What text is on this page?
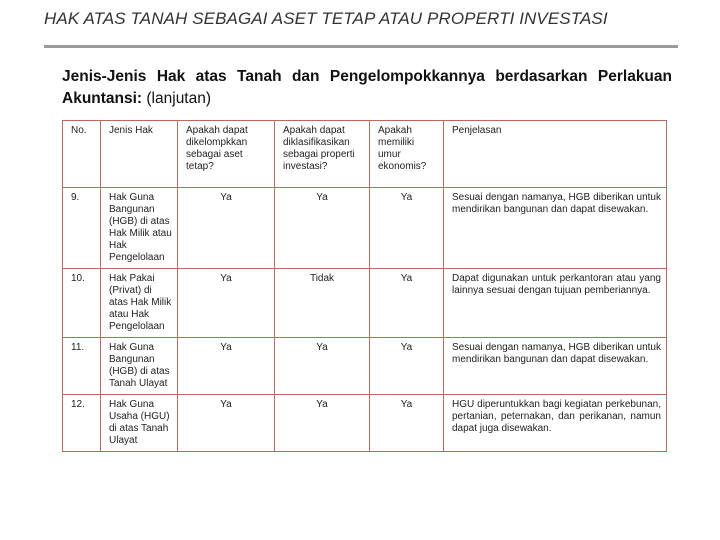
HAK ATAS TANAH SEBAGAI ASET TETAP ATAU PROPERTI INVESTASI
Jenis-Jenis Hak atas Tanah dan Pengelompokkannya berdasarkan Perlakuan Akuntansi: (lanjutan)
No.	Jenis Hak	Apakah dapat dikelompkkan sebagai aset tetap?	Apakah dapat diklasifikasikan sebagai properti investasi?	Apakah memiliki umur ekonomis?	Penjelasan
9.	Hak Guna Bangunan (HGB) di atas Hak Milik atau Hak Pengelolaan	Ya	Ya	Ya	Sesuai dengan namanya, HGB diberikan untuk mendirikan bangunan dan dapat disewakan.
10.	Hak Pakai (Privat) di atas Hak Milik atau Hak Pengelolaan	Ya	Tidak	Ya	Dapat digunakan untuk perkantoran atau yang lainnya sesuai dengan tujuan pemberiannya.
11.	Hak Guna Bangunan (HGB) di atas Tanah Ulayat	Ya	Ya	Ya	Sesuai dengan namanya, HGB diberikan untuk mendirikan bangunan dan dapat disewakan.
12.	Hak Guna Usaha (HGU) di atas Tanah Ulayat	Ya	Ya	Ya	HGU diperuntukkan bagi kegiatan perkebunan, pertanian, peternakan, dan perikanan, namun dapat juga disewakan.
